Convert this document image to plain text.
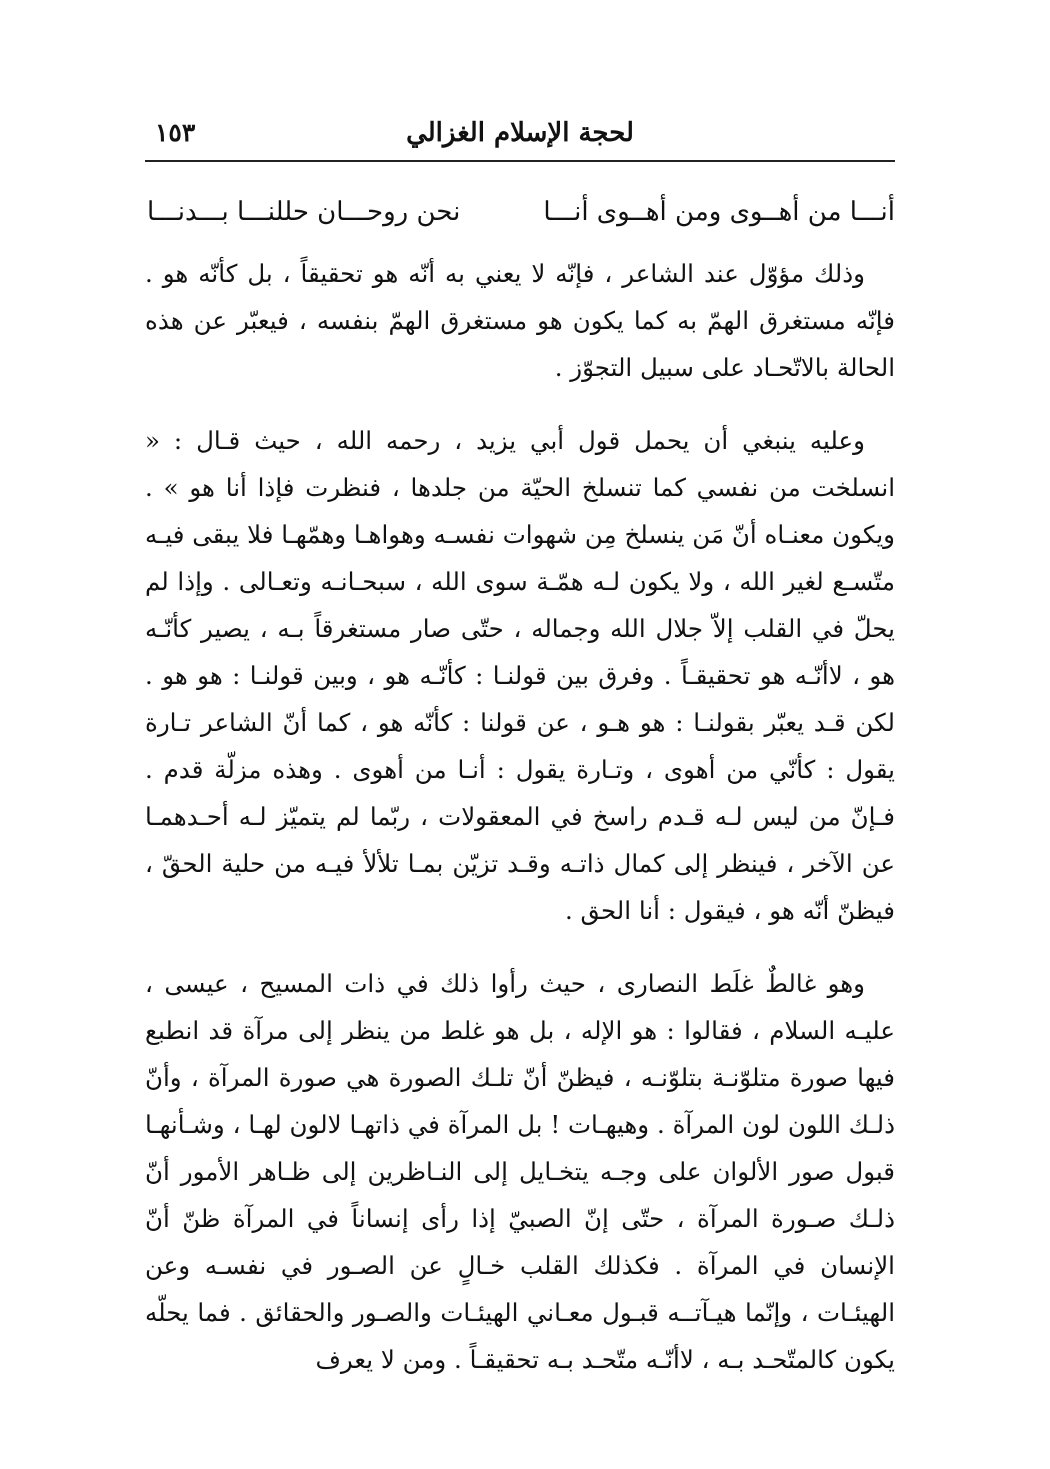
لحجة الإسلام الغزالي
١٥٣
أنـــا من أهــوى ومن أهــوى أنـــا
نحن روحـــان حللنـــا بـــدنـــا

وذلك مؤوّل عند الشاعر ، فإنّه لا يعني به أنّه هو تحقيقاً ، بل كأنّه هو . فإنّه مستغرق الهمّ به كما يكون هو مستغرق الهمّ بنفسه ، فيعبّر عن هذه الحالة بالاتّحـاد على سبيل التجوّز .

وعليه ينبغي أن يحمل قول أبي يزيد ، رحمه الله ، حيث قـال : « انسلخت من نفسي كما تنسلخ الحيّة من جلدها ، فنظرت فإذا أنا هو » . ويكون معنـاه أنّ مَن ينسلخ مِن شهوات نفسـه وهواهـا وهمّهـا فلا يبقى فيـه متّسـع لغير الله ، ولا يكون لـه همّـة سوى الله ، سبحـانـه وتعـالى . وإذا لم يحلّ في القلب إلاّ جلال الله وجماله ، حتّى صار مستغرقاً بـه ، يصير كأنّـه هو ، لاأنّـه هو تحقيقـاً . وفرق بين قولنـا : كأنّـه هو ، وبين قولنـا : هو هو . لكن قـد يعبّر بقولنـا : هو هـو ، عن قولنا : كأنّه هو ، كما أنّ الشاعر تـارة يقول : كأنّي من أهوى ، وتـارة يقول : أنـا من أهوى . وهذه مزلّة قدم . فـإنّ من ليس لـه قـدم راسخ في المعقولات ، ربّما لم يتميّز لـه أحـدهمـا عن الآخر ، فينظر إلى كمال ذاتـه وقـد تزيّن بمـا تلألأ فيـه من حلية الحقّ ، فيظنّ أنّه هو ، فيقول : أنا الحق .

وهو غالطٌ غلَط النصارى ، حيث رأوا ذلك في ذات المسيح ، عيسى ، عليـه السلام ، فقالوا : هو الإله ، بل هو غلط من ينظر إلى مرآة قد انطبع فيها صورة متلوّنـة بتلوّنـه ، فيظنّ أنّ تلـك الصورة هي صورة المرآة ، وأنّ ذلـك اللون لون المرآة . وهيهـات ! بل المرآة في ذاتهـا لالون لهـا ، وشـأنهـا قبول صور الألوان على وجـه يتخـايل إلى النـاظرين إلى ظـاهر الأمور أنّ ذلـك صـورة المرآة ، حتّى إنّ الصبيّ إذا رأى إنساناً في المرآة ظنّ أنّ الإنسان في المرآة . فكذلك القلب خـالٍ عن الصـور في نفسـه وعن الهيئـات ، وإنّما هيـآتــه قبـول معـاني الهيئـات والصـور والحقائق . فما يحلّه يكون كالمتّحـد بـه ، لاأنّـه متّحـد بـه تحقيقـاً . ومن لا يعرف
